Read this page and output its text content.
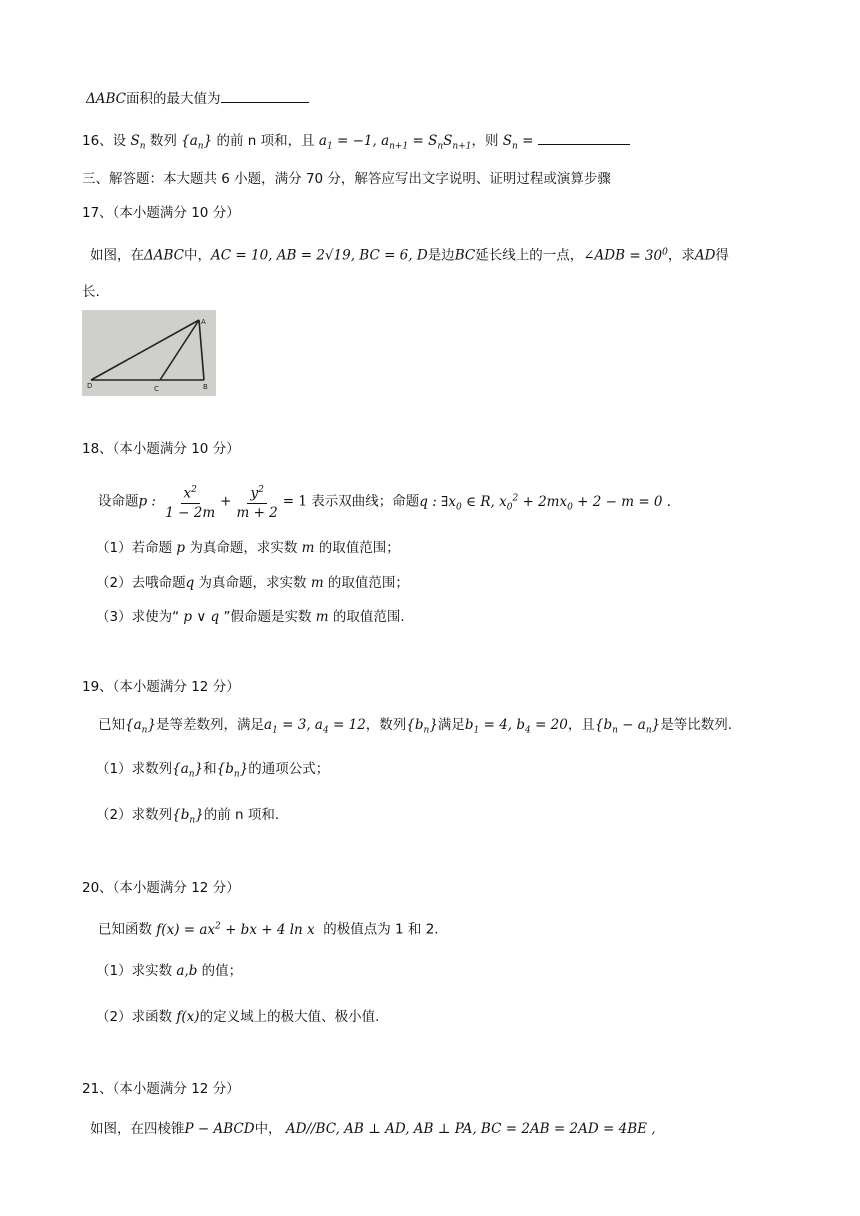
ΔABC面积的最大值为
16、设 $S_n$ 数列 $\{a_n\}$ 的前 n 项和，且 $a_1 = -1$, $a_{n+1} = S_nS_{n+1}$，则 $S_n$ =
三、解答题：本大题共 6 小题，满分 70 分，解答应写出文字说明、证明过程或演算步骤
17、（本小题满分 10 分）
如图，在ΔABC中，AC = 10, AB = 2√19, BC = 6, D是边BC延长线上的一点，∠ADB = $30^0$，求AD得
长.
A
B
C
D
18、（本小题满分 10 分）
设命题p : $\frac{x^2}{1 - 2m} + \frac{y^2}{m + 2} = 1$ 表示双曲线；命题q : $\exists x_0$ ∈ R, $x_0^2 + 2mx_0 + 2 - m = 0$ .
（1）若命题 p 为真命题，求实数 m 的取值范围；
（2）去哦命题q 为真命题，求实数 m 的取值范围；
（3）求使为“ p ∨ q ”假命题是实数 m 的取值范围.
19、（本小题满分 12 分）
已知$\{a_n\}$是等差数列，满足$a_1 = 3$, $a_4 = 12$，数列$\{b_n\}$满足$b_1 = 4$, $b_4 = 20$，且$\{b_n - a_n\}$是等比数列.
（1）求数列$\{a_n\}$和$\{b_n\}$的通项公式；
（2）求数列$\{b_n\}$的前 n 项和.
20、（本小题满分 12 分）
已知函数 $f(x) = ax^2$ + bx + 4 ln x  的极值点为 1 和 2.
（1）求实数 a,b 的值；
（2）求函数 f(x)的定义域上的极大值、极小值.
21、（本小题满分 12 分）
如图，在四棱锥P − ABCD中， AD//BC, AB ⊥ AD, AB ⊥ PA, BC = 2AB = 2AD = 4BE ,
